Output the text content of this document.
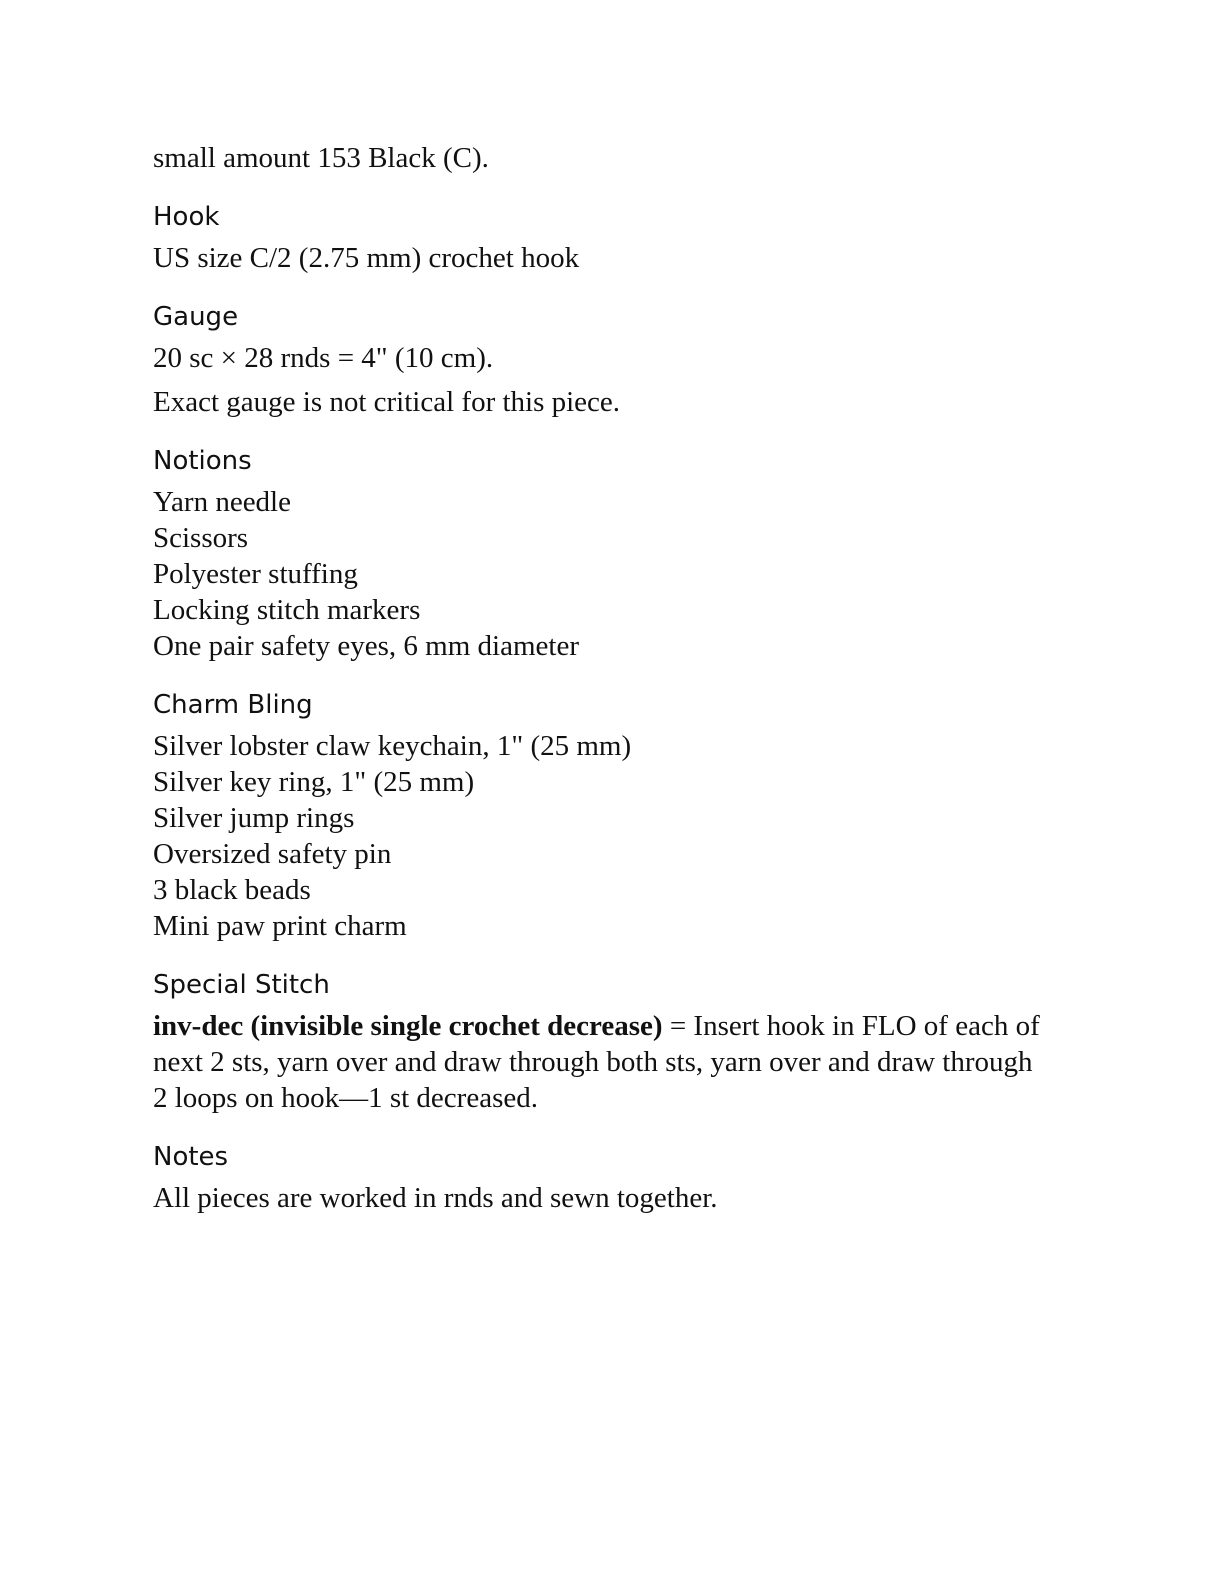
small amount 153 Black (C).

Hook

US size C/2 (2.75 mm) crochet hook

Gauge

20 sc × 28 rnds = 4" (10 cm).

Exact gauge is not critical for this piece.

Notions
Yarn needle
Scissors
Polyester stuffing
Locking stitch markers
One pair safety eyes, 6 mm diameter
Charm Bling
Silver lobster claw keychain, 1" (25 mm)
Silver key ring, 1" (25 mm)
Silver jump rings
Oversized safety pin
3 black beads
Mini paw print charm
Special Stitch

inv-dec (invisible single crochet decrease) = Insert hook in FLO of each of next 2 sts, yarn over and draw through both sts, yarn over and draw through 2 loops on hook—1 st decreased.

Notes

All pieces are worked in rnds and sewn together.
